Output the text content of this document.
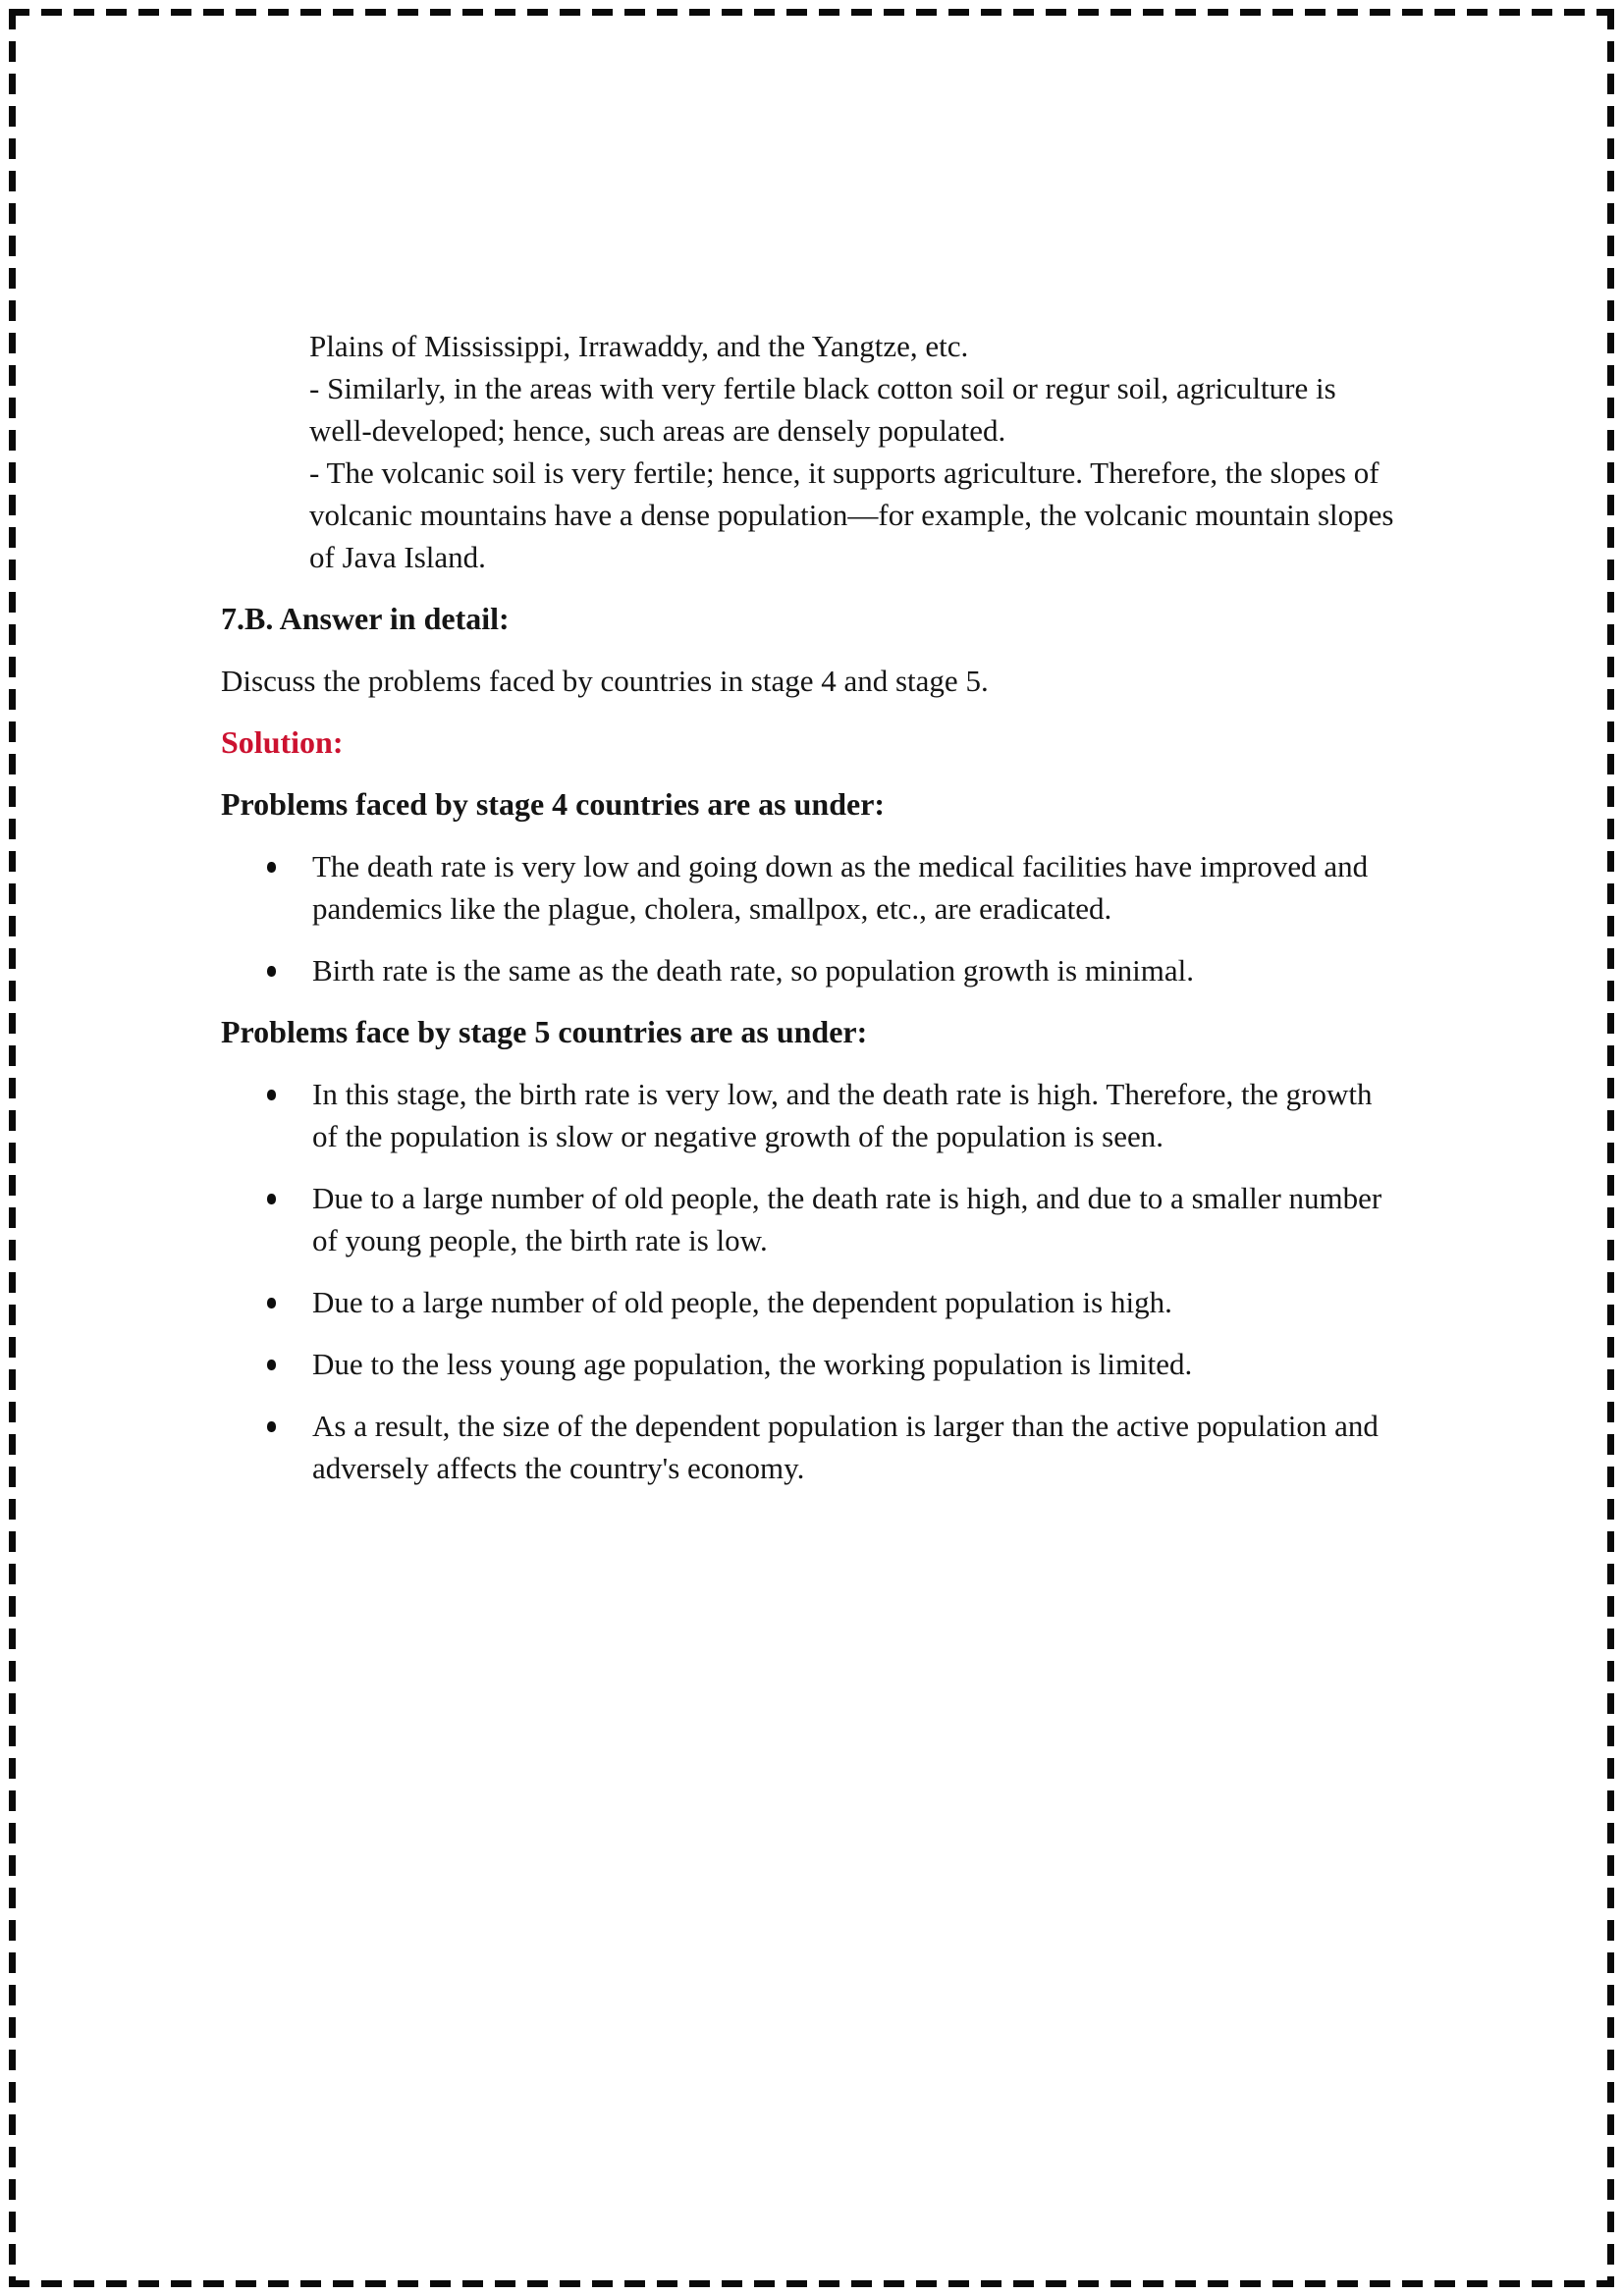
Plains of Mississippi, Irrawaddy, and the Yangtze, etc.
- Similarly, in the areas with very fertile black cotton soil or regur soil, agriculture is well-developed; hence, such areas are densely populated.
- The volcanic soil is very fertile; hence, it supports agriculture. Therefore, the slopes of volcanic mountains have a dense population—for example, the volcanic mountain slopes of Java Island.
7.B. Answer in detail:
Discuss the problems faced by countries in stage 4 and stage 5.
Solution:
Problems faced by stage 4 countries are as under:
The death rate is very low and going down as the medical facilities have improved and pandemics like the plague, cholera, smallpox, etc., are eradicated.
Birth rate is the same as the death rate, so population growth is minimal.
Problems face by stage 5 countries are as under:
In this stage, the birth rate is very low, and the death rate is high. Therefore, the growth of the population is slow or negative growth of the population is seen.
Due to a large number of old people, the death rate is high, and due to a smaller number of young people, the birth rate is low.
Due to a large number of old people, the dependent population is high.
Due to the less young age population, the working population is limited.
As a result, the size of the dependent population is larger than the active population and adversely affects the country's economy.
